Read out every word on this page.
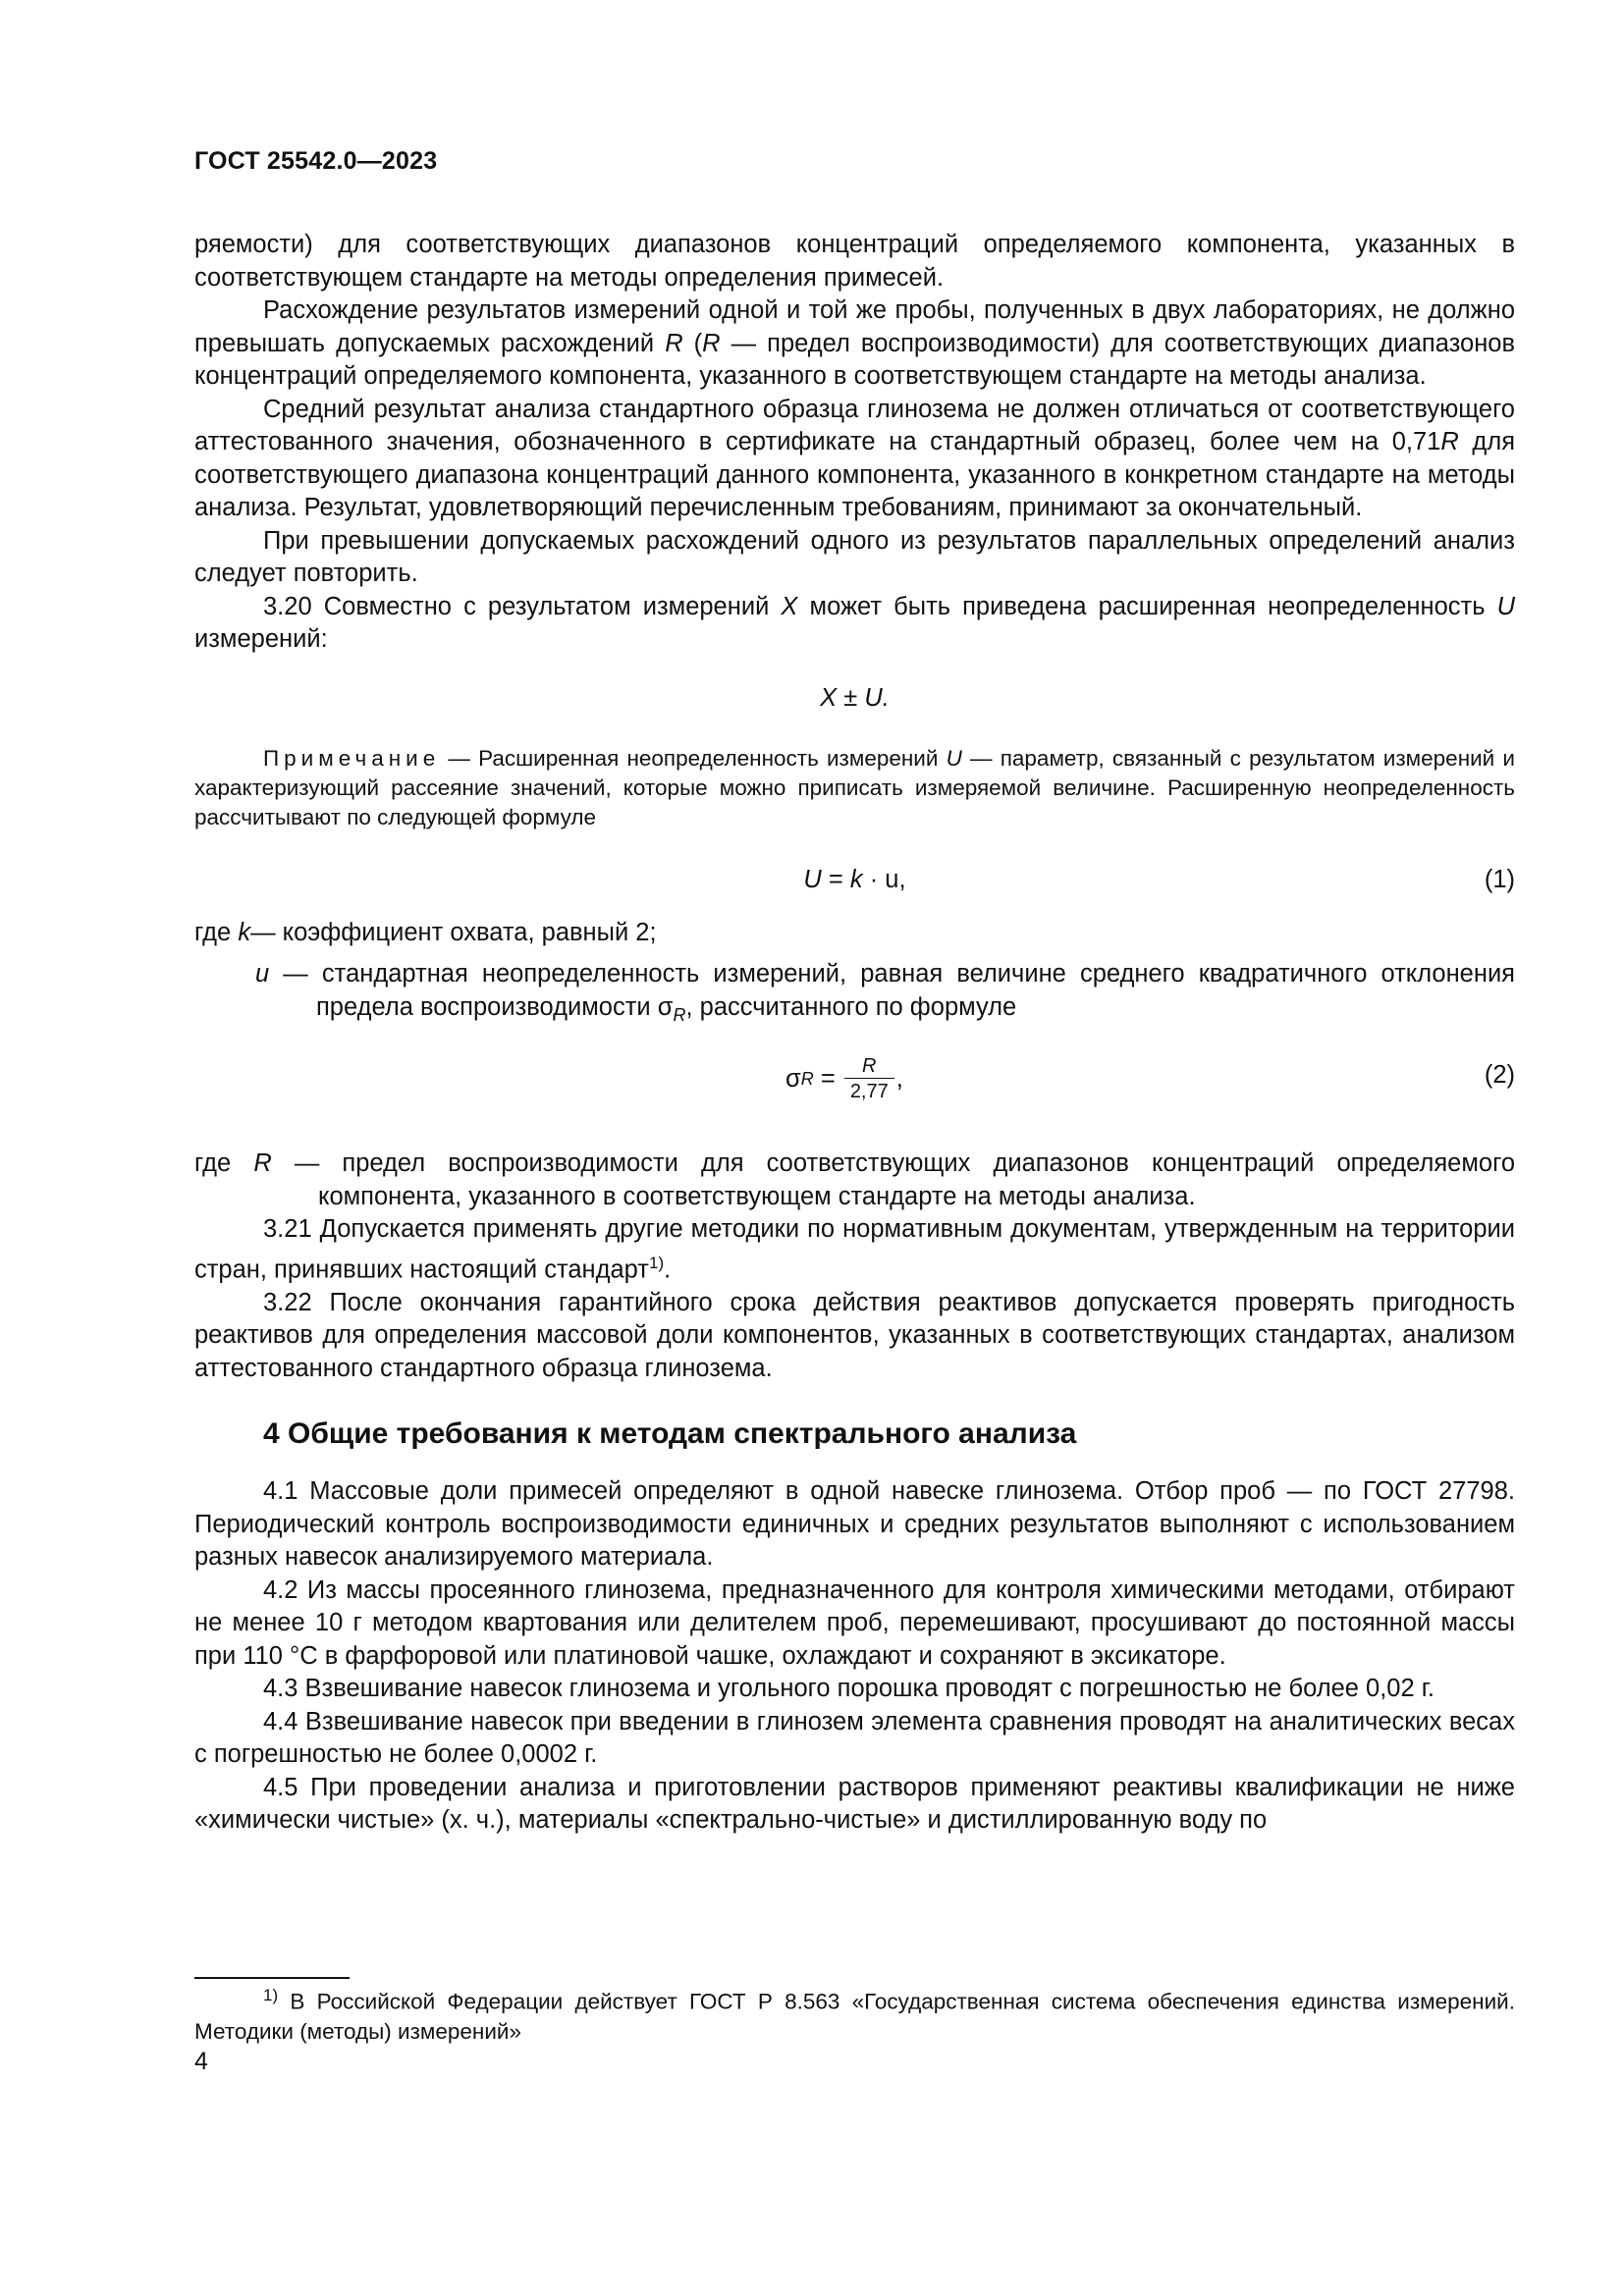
ГОСТ 25542.0—2023

ряемости) для соответствующих диапазонов концентраций определяемого компонента, указанных в соответствующем стандарте на методы определения примесей.

Расхождение результатов измерений одной и той же пробы, полученных в двух лабораториях, не должно превышать допускаемых расхождений R (R — предел воспроизводимости) для соответствующих диапазонов концентраций определяемого компонента, указанного в соответствующем стандарте на методы анализа.

Средний результат анализа стандартного образца глинозема не должен отличаться от соответствующего аттестованного значения, обозначенного в сертификате на стандартный образец, более чем на 0,71R для соответствующего диапазона концентраций данного компонента, указанного в конкретном стандарте на методы анализа. Результат, удовлетворяющий перечисленным требованиям, принимают за окончательный.

При превышении допускаемых расхождений одного из результатов параллельных определений анализ следует повторить.

3.20 Совместно с результатом измерений X может быть приведена расширенная неопределенность U измерений:

X ± U.

Примечание — Расширенная неопределенность измерений U — параметр, связанный с результатом измерений и характеризующий рассеяние значений, которые можно приписать измеряемой величине. Расширенную неопределенность рассчитывают по следующей формуле

U = k · u,	(1)
где k — коэффициент охвата, равный 2;
u — стандартная неопределенность измерений, равная величине среднего квадратичного отклонения предела воспроизводимости $\sigma_R$, рассчитанного по формуле
σ $R = \frac{R}{2,77}$ ,	(2)
где R — предел воспроизводимости для соответствующих диапазонов концентраций определяемого компонента, указанного в соответствующем стандарте на методы анализа.

3.21 Допускается применять другие методики по нормативным документам, утвержденным на территории стран, принявших настоящий стандарт$^{1)}$.

3.22 После окончания гарантийного срока действия реактивов допускается проверять пригодность реактивов для определения массовой доли компонентов, указанных в соответствующих стандартах, анализом аттестованного стандартного образца глинозема.

4 Общие требования к методам спектрального анализа

4.1 Массовые доли примесей определяют в одной навеске глинозема. Отбор проб — по ГОСТ 27798. Периодический контроль воспроизводимости единичных и средних результатов выполняют с использованием разных навесок анализируемого материала.

4.2 Из массы просеянного глинозема, предназначенного для контроля химическими методами, отбирают не менее 10 г методом квартования или делителем проб, перемешивают, просушивают до постоянной массы при 110 °С в фарфоровой или платиновой чашке, охлаждают и сохраняют в эксикаторе.

4.3 Взвешивание навесок глинозема и угольного порошка проводят с погрешностью не более 0,02 г.

4.4 Взвешивание навесок при введении в глинозем элемента сравнения проводят на аналитических весах с погрешностью не более 0,0002 г.

4.5 При проведении анализа и приготовлении растворов применяют реактивы квалификации не ниже «химически чистые» (х. ч.), материалы «спектрально-чистые» и дистиллированную воду по

$^{1)}$ В Российской Федерации действует ГОСТ Р 8.563 «Государственная система обеспечения единства измерений. Методики (методы) измерений»
4
